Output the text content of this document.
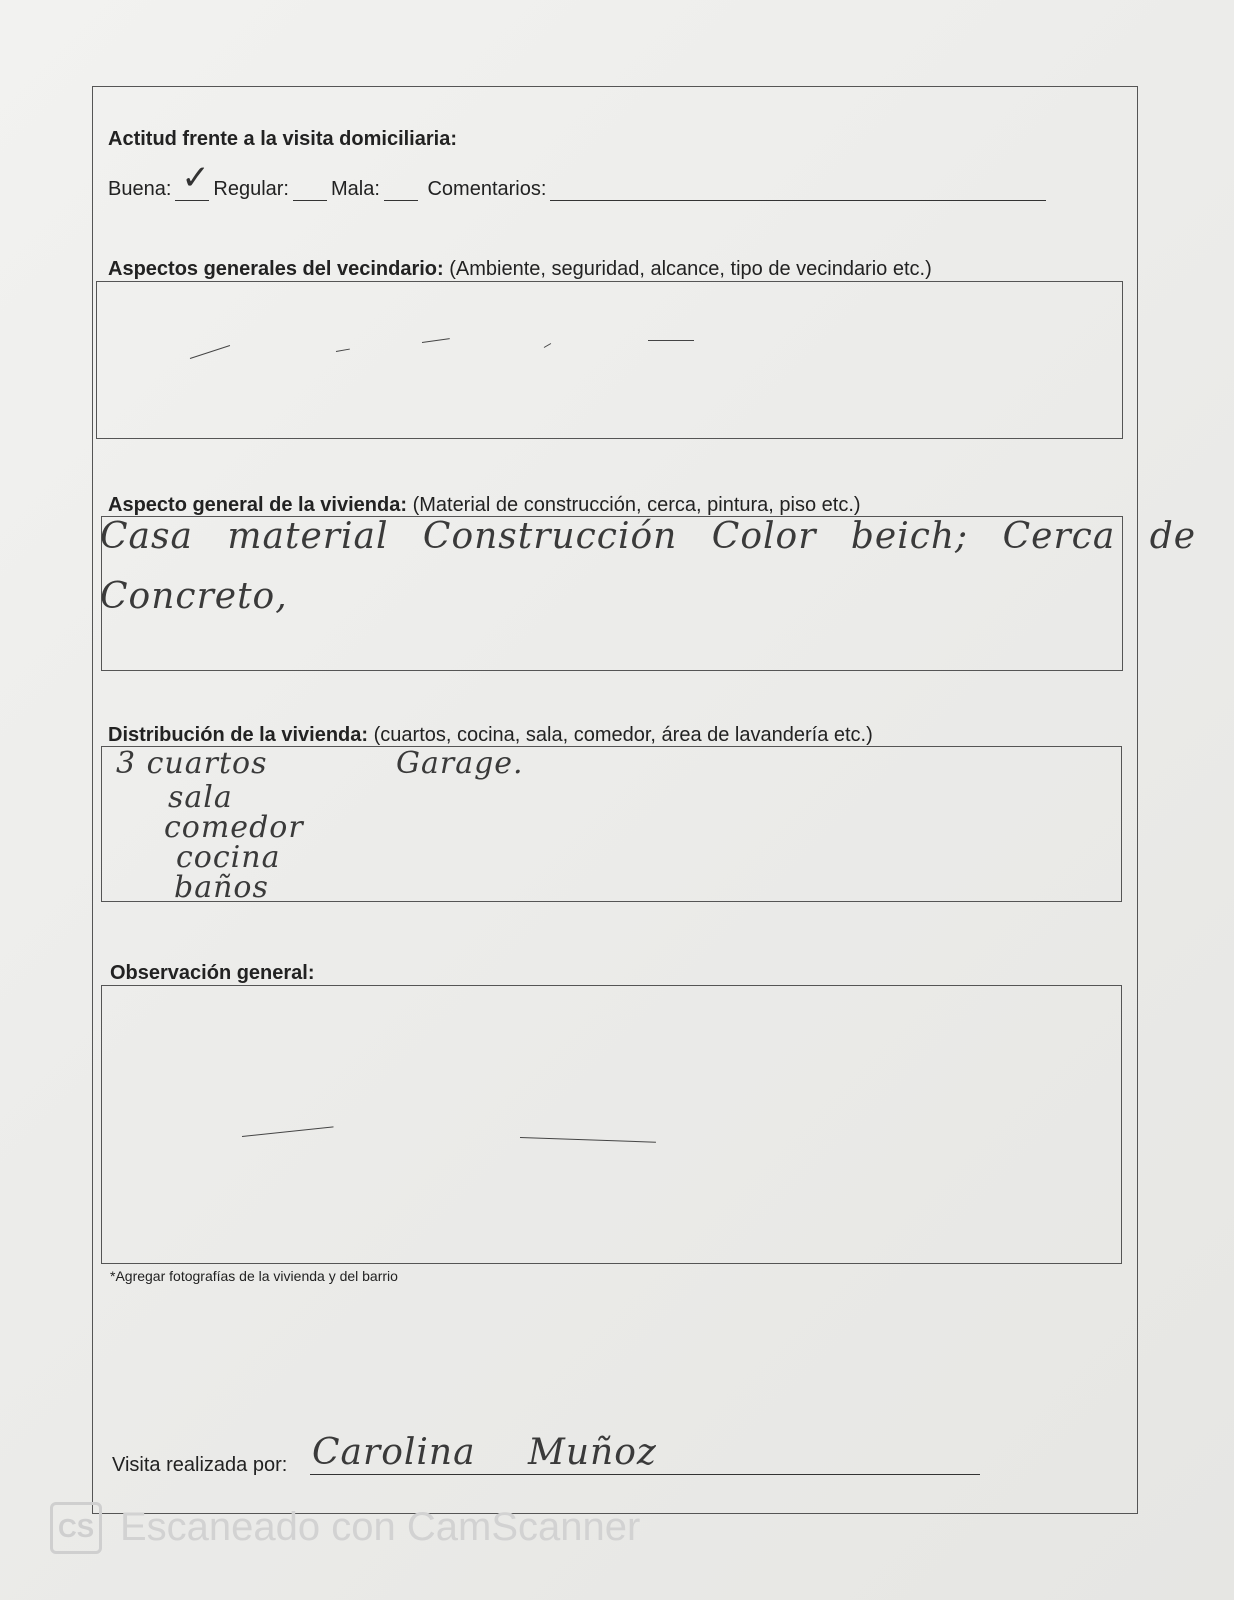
Actitud frente a la visita domiciliaria:
Buena: ✓ Regular: Mala: Comentarios:
Aspectos generales del vecindario: (Ambiente, seguridad, alcance, tipo de vecindario etc.)
Aspecto general de la vivienda: (Material de construcción, cerca, pintura, piso etc.)
Casa material Construcción Color beich; Cerca de
Concreto,
Distribución de la vivienda: (cuartos, cocina, sala, comedor, área de lavandería etc.)
3 cuartos
sala
comedor
cocina
baños
Garage.
Observación general:
*Agregar fotografías de la vivienda y del barrio
Visita realizada por: Carolina Muñoz
CS Escaneado con CamScanner
